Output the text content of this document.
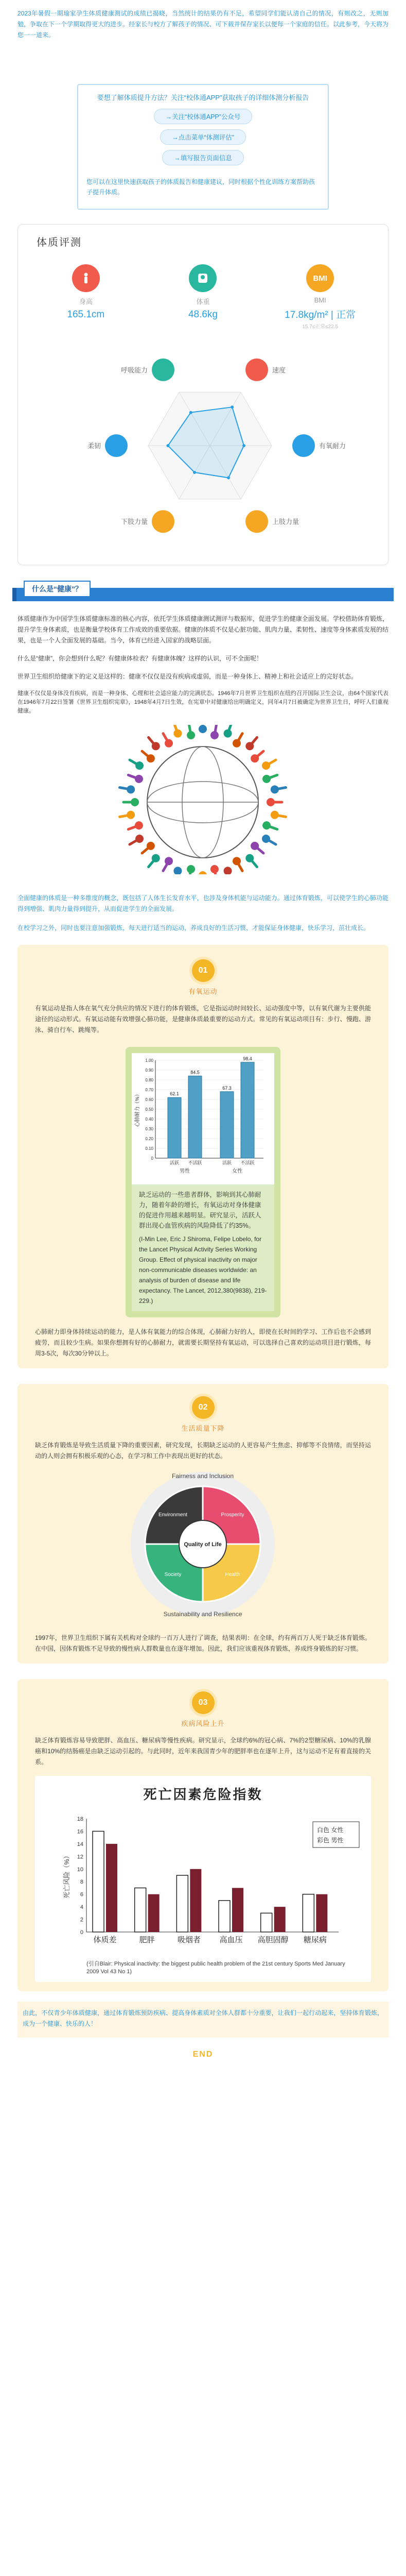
2023年暑假一期瑜家孕生体质健康测试的成绩已揭晓，当然统计的结果仍有不足，希望同学们能认清自己的情况，有则改之，无则加勉，争取在下一个学期取得更大的进步。经家长与校方了解孩子的情况、可下载并保存家长以便每一个家庭的信任。以此参考，今天将为您一一道来。

要想了解体质提升方法？关注“校体通APP”获取孩子的详细体测分析报告
→关注“校体通APP”公众号
→点击菜单“体测评估”
→填写报告页面信息
您可以在这里快速获取孩子的体质报告和健康建议，同时根据个性化训练方案帮助孩子提升体质。
体质评测
身高
165.1cm
体重
48.6kg
BMI
BMI
17.8kg/m² | 正常
15.7≤正常≤22.5
速度
有氧耐力
上肢力量
下肢力量
柔韧
呼吸能力
什么是“健康”？

体质健康作为中国学生体质健康标准的核心内容，依托学生体质健康测试测评与数据库，促进学生的健康全面发展。学校借助体育锻炼，提升学生身体素质，也是衡量学校体育工作成效的重要依据。健康的体质不仅是心脏功能、肌肉力量、柔韧性、速度等身体素质发展的结果，也是一个人全面发展的基础。当今，体育已经进入国家的战略层面。

什么是“健康”，你会想到什么呢？有健康体检表？有健康体魄？这样的认识，可不全面呢！

世界卫生组织给健康下的定义是这样的：健康不仅仅是没有疾病或虚弱，而是一种身体上、精神上和社会适应上的完好状态。

健康不仅仅是身体没有疾病，而是一种身体、心理和社会适应能力的完满状态。1946年7月世界卫生组织在纽约召开国际卫生会议，由64个国家代表在1946年7月22日签署《世界卫生组织宪章》，1948年4月7日生效，在宪章中对健康给出明确定义，同年4月7日被确定为世界卫生日，呼吁人们重视健康。

全面健康的体质是一种多维度的概念，既包括了人体生长发育水平，也涉及身体机能与运动能力。通过体育锻炼，可以使学生的心肺功能得到增强、肌肉力量得到提升，从而促进学生的全面发展。

在校学习之外，同时也要注意加强锻炼，每天进行适当的运动，养成良好的生活习惯，才能保证身体健康，快乐学习，茁壮成长。

01
有氧运动

有氧运动是指人体在氧气充分供应的情况下进行的体育锻炼，它是指运动时间较长、运动强度中等，以有氧代谢为主要供能途径的运动形式。有氧运动能有效增强心肺功能，是健康体质最重要的运动方式。常见的有氧运动项目有：步行、慢跑、游泳、骑自行车、跳绳等。

心肺耐力（%）
0
0.10
0.20
0.30
0.40
0.50
0.60
0.70
0.80
0.90
1.00
62.1
活跃
84.5
不活跃
67.3
活跃
98.4
不活跃
男性	女性
缺乏运动的一些患者群体，影响到其心肺耐力，随着年龄的增长，有氧运动对身体健康的促进作用越来越明显。研究显示，活跃人群出现心血管疾病的风险降低了约35%。
(I-Min Lee, Eric J Shiroma, Felipe Lobelo, for the Lancet Physical Activity Series Working Group. Effect of physical inactivity on major non-communicable diseases worldwide: an analysis of burden of disease and life expectancy. The Lancet, 2012,380(9838), 219-229.)

心肺耐力即身体持续运动的能力，是人体有氧能力的综合体现，心肺耐力好的人，即使在长时间的学习、工作后也不会感到疲劳，而且较少生病。如果你想拥有好的心肺耐力，就需要长期坚持有氧运动，可以选择自己喜欢的运动项目进行锻炼，每周3-5次，每次30分钟以上。

02
生活质量下降

缺乏体育锻炼是导致生活质量下降的重要因素，研究发现，长期缺乏运动的人更容易产生焦虑、抑郁等不良情绪，而坚持运动的人则会拥有积极乐观的心态，在学习和工作中表现出更好的状态。

Prosperity
Health
Society
Environment
Quality of Life
Fairness and Inclusion
Sustainability and Resilience

1997年，世界卫生组织下属有关机构对全球约一百万人进行了调查，结果表明：在全球，约有两百万人死于缺乏体育锻炼。在中国，因体育锻炼不足导致的慢性病人群数量也在逐年增加。因此，我们应该重视体育锻炼，养成终身锻炼的好习惯。

03
疾病风险上升

缺乏体育锻炼容易导致肥胖、高血压、糖尿病等慢性疾病。研究显示，全球约6%的冠心病、7%的2型糖尿病、10%的乳腺癌和10%的结肠癌是由缺乏运动引起的。与此同时，近年来我国青少年的肥胖率也在逐年上升，这与运动不足有着直接的关系。

死亡因素危险指数
0
2
4
6
8
10
12
14
16
18
死亡风险（%）
体质差	肥胖	吸烟者 高血压 高胆固醇 糖尿病
白色 女性
彩色 男性
(引自Blair: Physical inactivity: the biggest public health problem of the 21st century Sports Med January 2009 Vol 43 No 1)

由此，不仅青少年体质健康，通过体育锻炼预防疾病、提高身体素质对全体人群都十分重要，让我们一起行动起来，坚持体育锻炼，成为一个健康、快乐的人！

END
